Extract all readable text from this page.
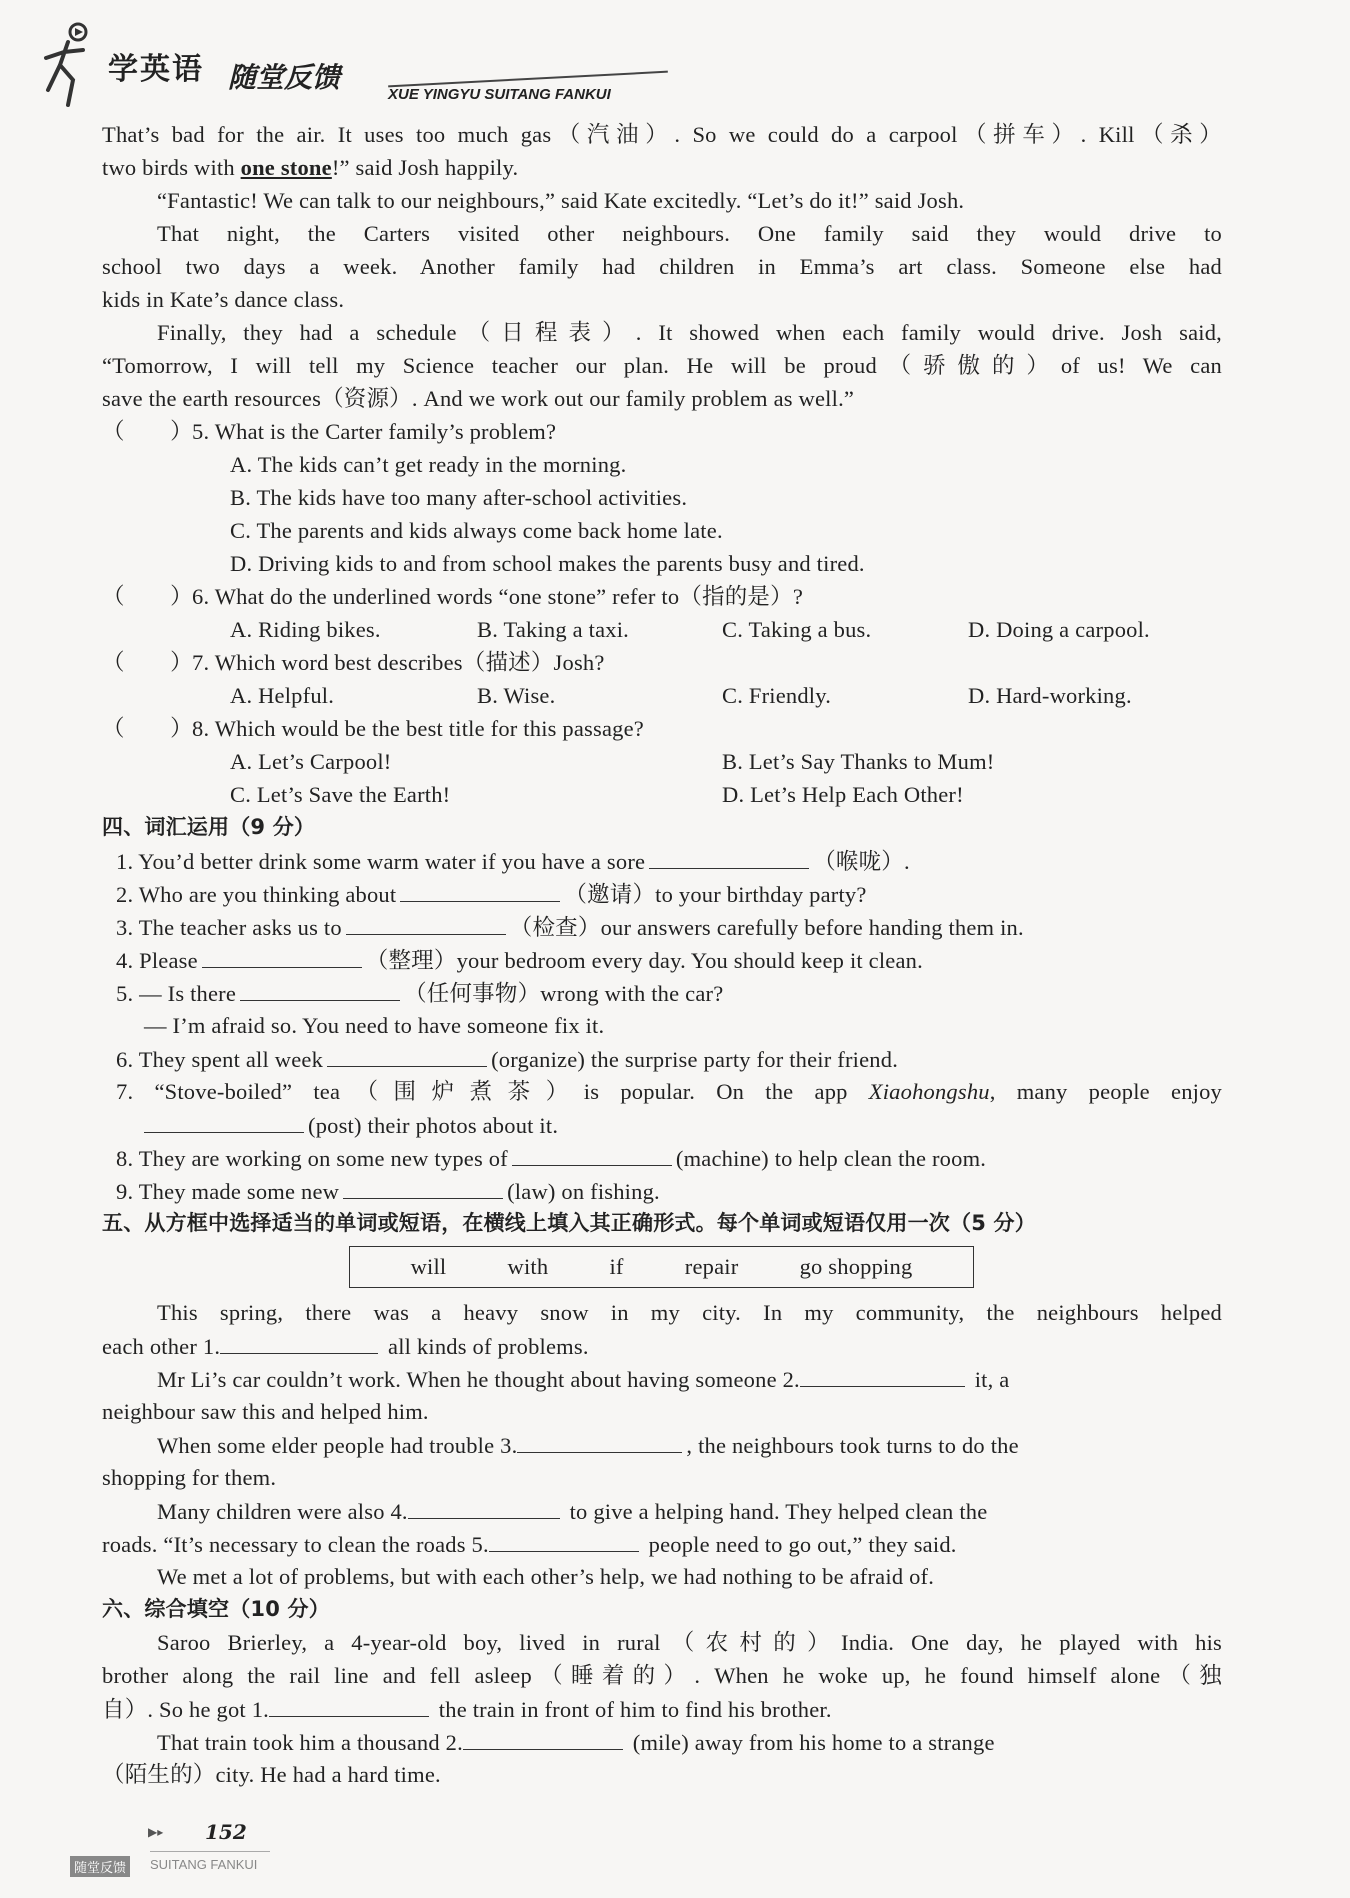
学英语 随堂反馈
XUE YINGYU SUITANG FANKUI
That’s bad for the air. It uses too much gas（汽油）. So we could do a carpool（拼车）. Kill（杀）
two birds with one stone!” said Josh happily.
“Fantastic! We can talk to our neighbours,” said Kate excitedly. “Let’s do it!” said Josh.
That night, the Carters visited other neighbours. One family said they would drive to
school two days a week. Another family had children in Emma’s art class. Someone else had
kids in Kate’s dance class.
Finally, they had a schedule（日程表）. It showed when each family would drive. Josh said,
“Tomorrow, I will tell my Science teacher our plan. He will be proud（骄傲的）of us! We can
save the earth resources（资源）. And we work out our family problem as well.”
（　　）5. What is the Carter family’s problem?
A. The kids can’t get ready in the morning.
B. The kids have too many after-school activities.
C. The parents and kids always come back home late.
D. Driving kids to and from school makes the parents busy and tired.
（　　）6. What do the underlined words “one stone” refer to（指的是）?
A. Riding bikes.	B. Taking a taxi.	C. Taking a bus.	D. Doing a carpool.
（　　）7. Which word best describes（描述）Josh?
A. Helpful.	B. Wise.	C. Friendly.	D. Hard-working.
（　　）8. Which would be the best title for this passage?
A. Let’s Carpool!	B. Let’s Say Thanks to Mum!
C. Let’s Save the Earth!	D. Let’s Help Each Other!
四、词汇运用（9 分）
1. You’d better drink some warm water if you have a sore	（喉咙）.
2. Who are you thinking about	（邀请）to your birthday party?
3. The teacher asks us to	（检查）our answers carefully before handing them in.
4. Please	（整理）your bedroom every day. You should keep it clean.
5. — Is there	（任何事物）wrong with the car?
— I’m afraid so. You need to have someone fix it.
6. They spent all week	(organize) the surprise party for their friend.
7. “Stove-boiled” tea（围炉煮茶）is popular. On the app Xiaohongshu, many people enjoy
(post) their photos about it.
8. They are working on some new types of	(machine) to help clean the room.
9. They made some new	(law) on fishing.
五、从方框中选择适当的单词或短语，在横线上填入其正确形式。每个单词或短语仅用一次（5 分）
will	with	if	repair	go shopping
This spring, there was a heavy snow in my city. In my community, the neighbours helped
each other 1.	all kinds of problems.
Mr Li’s car couldn’t work. When he thought about having someone 2.	it, a
neighbour saw this and helped him.
When some elder people had trouble 3.	, the neighbours took turns to do the
shopping for them.
Many children were also 4.	to give a helping hand. They helped clean the
roads. “It’s necessary to clean the roads 5.	people need to go out,” they said.
We met a lot of problems, but with each other’s help, we had nothing to be afraid of.
六、综合填空（10 分）
Saroo Brierley, a 4-year-old boy, lived in rural（农村的）India. One day, he played with his
brother along the rail line and fell asleep（睡着的）. When he woke up, he found himself alone（独
自）. So he got 1.	the train in front of him to find his brother.
That train took him a thousand 2.	(mile) away from his home to a strange
（陌生的）city. He had a hard time.
▶▸ 152
随堂反馈	SUITANG FANKUI
